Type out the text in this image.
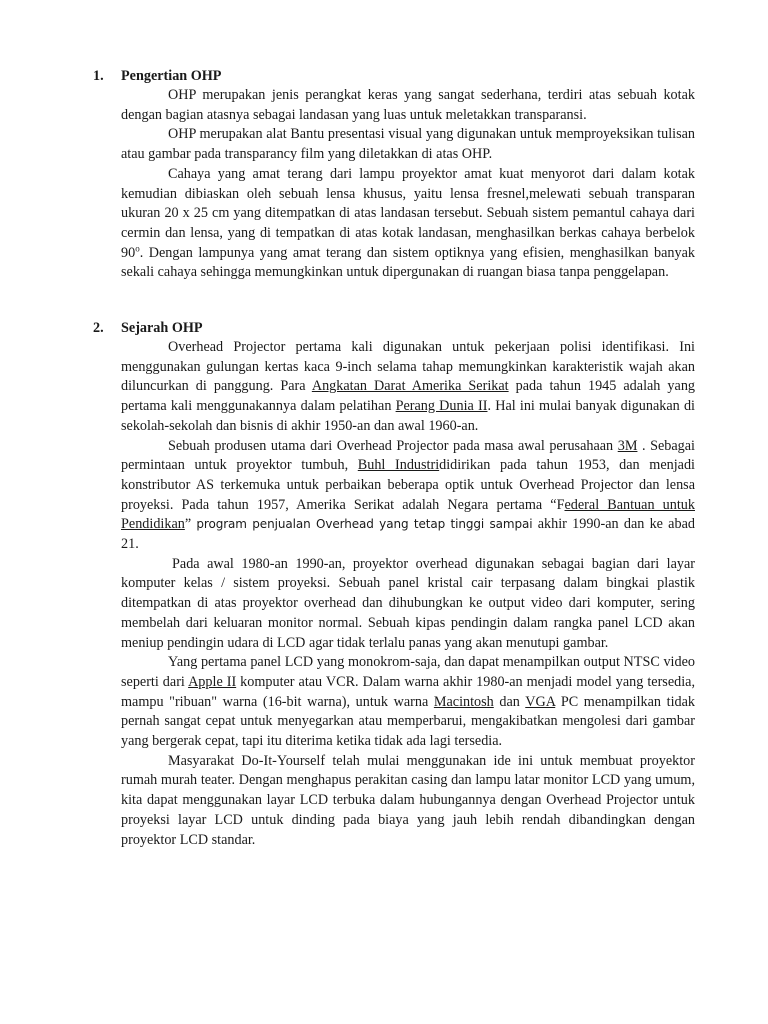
1. Pengertian OHP

OHP merupakan jenis perangkat keras yang sangat sederhana, terdiri atas sebuah kotak dengan bagian atasnya sebagai landasan yang luas untuk meletakkan transparansi.

OHP merupakan alat Bantu presentasi visual yang digunakan untuk memproyeksikan tulisan atau gambar pada transparancy film yang diletakkan di atas OHP.

Cahaya yang amat terang dari lampu proyektor amat kuat menyorot dari dalam kotak kemudian dibiaskan oleh sebuah lensa khusus, yaitu lensa fresnel,melewati sebuah transparan ukuran 20 x 25 cm yang ditempatkan di atas landasan tersebut. Sebuah sistem pemantul cahaya dari cermin dan lensa, yang di tempatkan di atas kotak landasan, menghasilkan berkas cahaya berbelok 90$^o$. Dengan lampunya yang amat terang dan sistem optiknya yang efisien, menghasilkan banyak sekali cahaya sehingga memungkinkan untuk dipergunakan di ruangan biasa tanpa penggelapan.

2. Sejarah OHP

Overhead Projector pertama kali digunakan untuk pekerjaan polisi identifikasi. Ini menggunakan gulungan kertas kaca 9-inch selama tahap memungkinkan karakteristik wajah akan diluncurkan di panggung. Para Angkatan Darat Amerika Serikat pada tahun 1945 adalah yang pertama kali menggunakannya dalam pelatihan Perang Dunia II. Hal ini mulai banyak digunakan di sekolah-sekolah dan bisnis di akhir 1950-an dan awal 1960-an.

Sebuah produsen utama dari Overhead Projector pada masa awal perusahaan 3M . Sebagai permintaan untuk proyektor tumbuh, Buhl Industrididirikan pada tahun 1953, dan menjadi konstributor AS terkemuka untuk perbaikan beberapa optik untuk Overhead Projector dan lensa proyeksi. Pada tahun 1957, Amerika Serikat adalah Negara pertama “Federal Bantuan untuk Pendidikan” program penjualan Overhead yang tetap tinggi sampai akhir 1990-an dan ke abad 21.

Pada awal 1980-an 1990-an, proyektor overhead digunakan sebagai bagian dari layar komputer kelas / sistem proyeksi. Sebuah panel kristal cair terpasang dalam bingkai plastik ditempatkan di atas proyektor overhead dan dihubungkan ke output video dari komputer, sering membelah dari keluaran monitor normal. Sebuah kipas pendingin dalam rangka panel LCD akan meniup pendingin udara di LCD agar tidak terlalu panas yang akan menutupi gambar.

Yang pertama panel LCD yang monokrom-saja, dan dapat menampilkan output NTSC video seperti dari Apple II komputer atau VCR. Dalam warna akhir 1980-an menjadi model yang tersedia, mampu "ribuan" warna (16-bit warna), untuk warna Macintosh dan VGA PC menampilkan tidak pernah sangat cepat untuk menyegarkan atau memperbarui, mengakibatkan mengolesi dari gambar yang bergerak cepat, tapi itu diterima ketika tidak ada lagi tersedia.

Masyarakat Do-It-Yourself telah mulai menggunakan ide ini untuk membuat proyektor rumah murah teater. Dengan menghapus perakitan casing dan lampu latar monitor LCD yang umum, kita dapat menggunakan layar LCD terbuka dalam hubungannya dengan Overhead Projector untuk proyeksi layar LCD untuk dinding pada biaya yang jauh lebih rendah dibandingkan dengan proyektor LCD standar.
